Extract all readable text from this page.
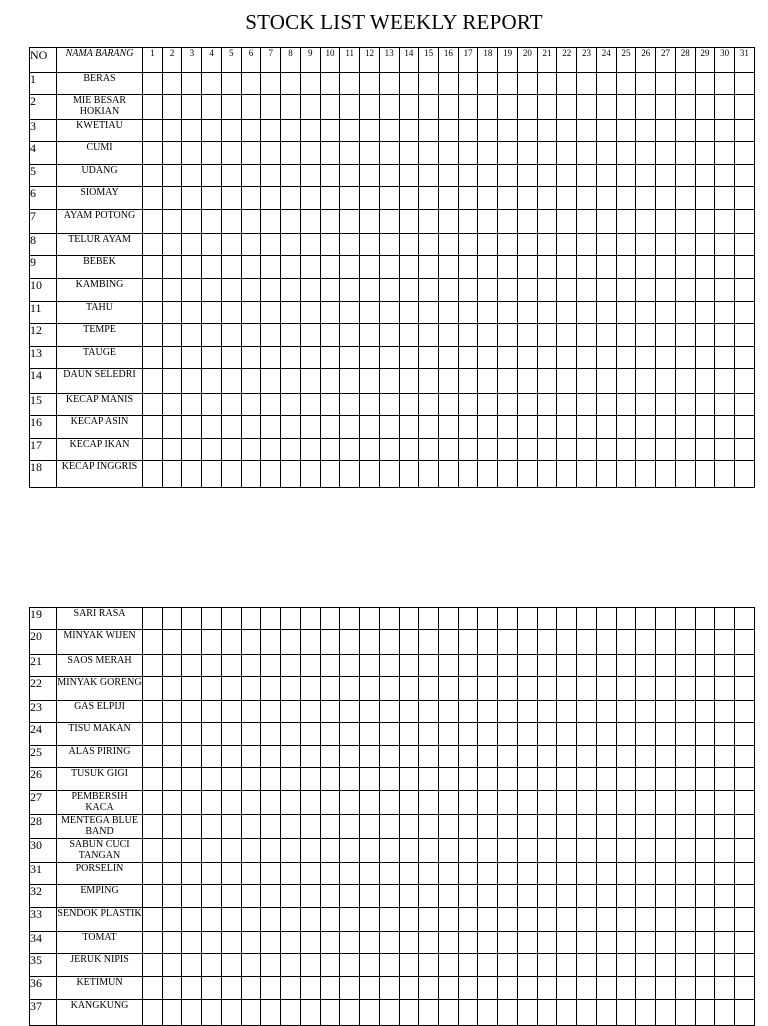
STOCK LIST WEEKLY REPORT
NO	NAMA BARANG	1	2	3	4	5	6	7	8	9	10	11	12	13	14	15	16	17	18	19	20	21	22	23	24	25	26	27	28	29	30	31
1	BERAS																															
2	MIE BESAR HOKIAN																															
3	KWETIAU																															
4	CUMI																															
5	UDANG																															
6	SIOMAY																															
7	AYAM POTONG																															
8	TELUR AYAM																															
9	BEBEK																															
10	KAMBING																															
11	TAHU																															
12	TEMPE																															
13	TAUGE																															
14	DAUN SELEDRI																															
15	KECAP MANIS																															
16	KECAP ASIN																															
17	KECAP IKAN																															
18	KECAP INGGRIS																															
19	SARI RASA																															
20	MINYAK WIJEN																															
21	SAOS MERAH																															
22	MINYAK GORENG																															
23	GAS ELPIJI																															
24	TISU MAKAN																															
25	ALAS PIRING																															
26	TUSUK GIGI																															
27	PEMBERSIH KACA																															
28	MENTEGA BLUE BAND																															
30	SABUN CUCI TANGAN																															
31	PORSELIN																															
32	EMPING																															
33	SENDOK PLASTIK																															
34	TOMAT																															
35	JERUK NIPIS																															
36	KETIMUN																															
37	KANGKUNG																															
